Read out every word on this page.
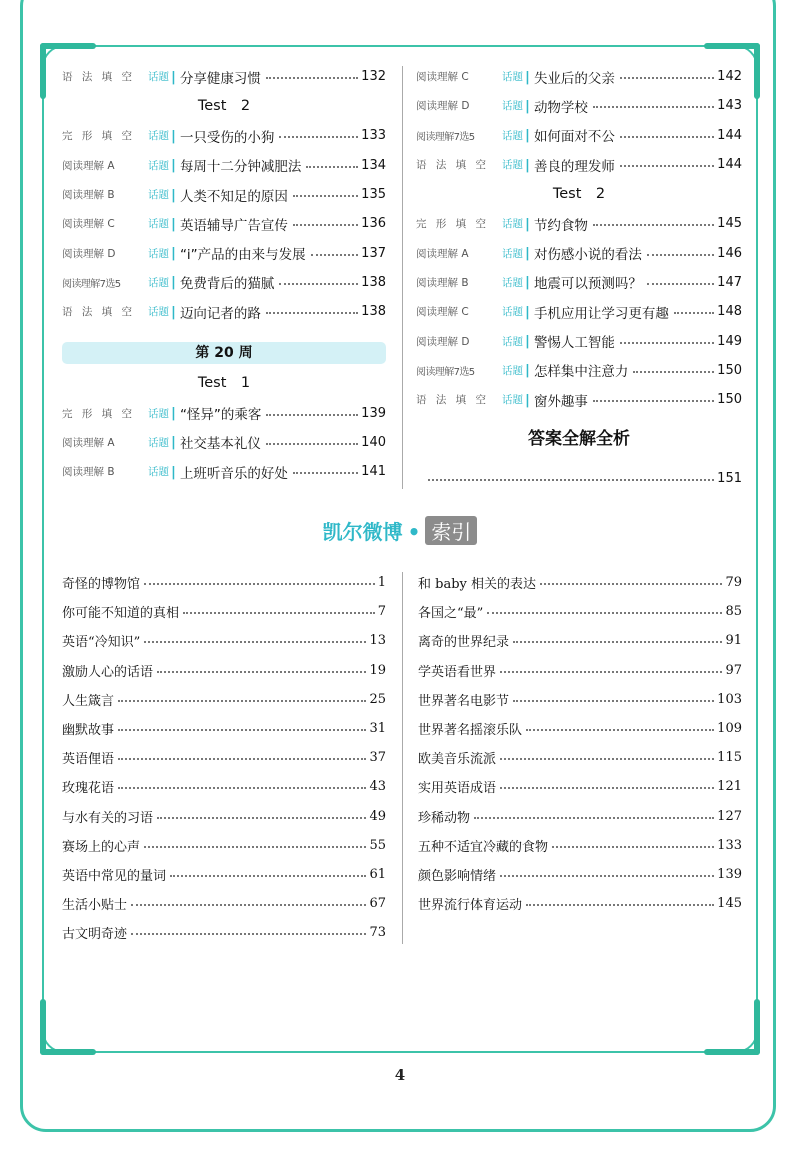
语 法 填 空	话题 | 分享健康习惯	132
Test　2
完 形 填 空	话题 | 一只受伤的小狗	133
阅读理解 A	话题 | 每周十二分钟减肥法	134
阅读理解 B	话题 | 人类不知足的原因	135
阅读理解 C	话题 | 英语辅导广告宣传	136
阅读理解 D	话题 | “i”产品的由来与发展	137
阅读理解7选5	话题 | 免费背后的猫腻	138
语 法 填 空	话题 | 迈向记者的路	138
第 20 周
Test　1
完 形 填 空	话题 | “怪异”的乘客	139
阅读理解 A	话题 | 社交基本礼仪	140
阅读理解 B	话题 | 上班听音乐的好处	141
阅读理解 C	话题 | 失业后的父亲	142
阅读理解 D	话题 | 动物学校	143
阅读理解7选5	话题 | 如何面对不公	144
语 法 填 空	话题 | 善良的理发师	144
Test　2
完 形 填 空	话题 | 节约食物	145
阅读理解 A	话题 | 对伤感小说的看法	146
阅读理解 B	话题 | 地震可以预测吗？	147
阅读理解 C	话题 | 手机应用让学习更有趣	148
阅读理解 D	话题 | 警惕人工智能	149
阅读理解7选5	话题 | 怎样集中注意力	150
语 法 填 空	话题 | 窗外趣事	150
答案全解全析
151
凯尔微博 • 索引
奇怪的博物馆	1
你可能不知道的真相	7
英语“冷知识”	13
激励人心的话语	19
人生箴言	25
幽默故事	31
英语俚语	37
玫瑰花语	43
与水有关的习语	49
赛场上的心声	55
英语中常见的量词	61
生活小贴士	67
古文明奇迹	73
和 baby 相关的表达	79
各国之“最”	85
离奇的世界纪录	91
学英语看世界	97
世界著名电影节	103
世界著名摇滚乐队	109
欧美音乐流派	115
实用英语成语	121
珍稀动物	127
五种不适宜冷藏的食物	133
颜色影响情绪	139
世界流行体育运动	145
4
